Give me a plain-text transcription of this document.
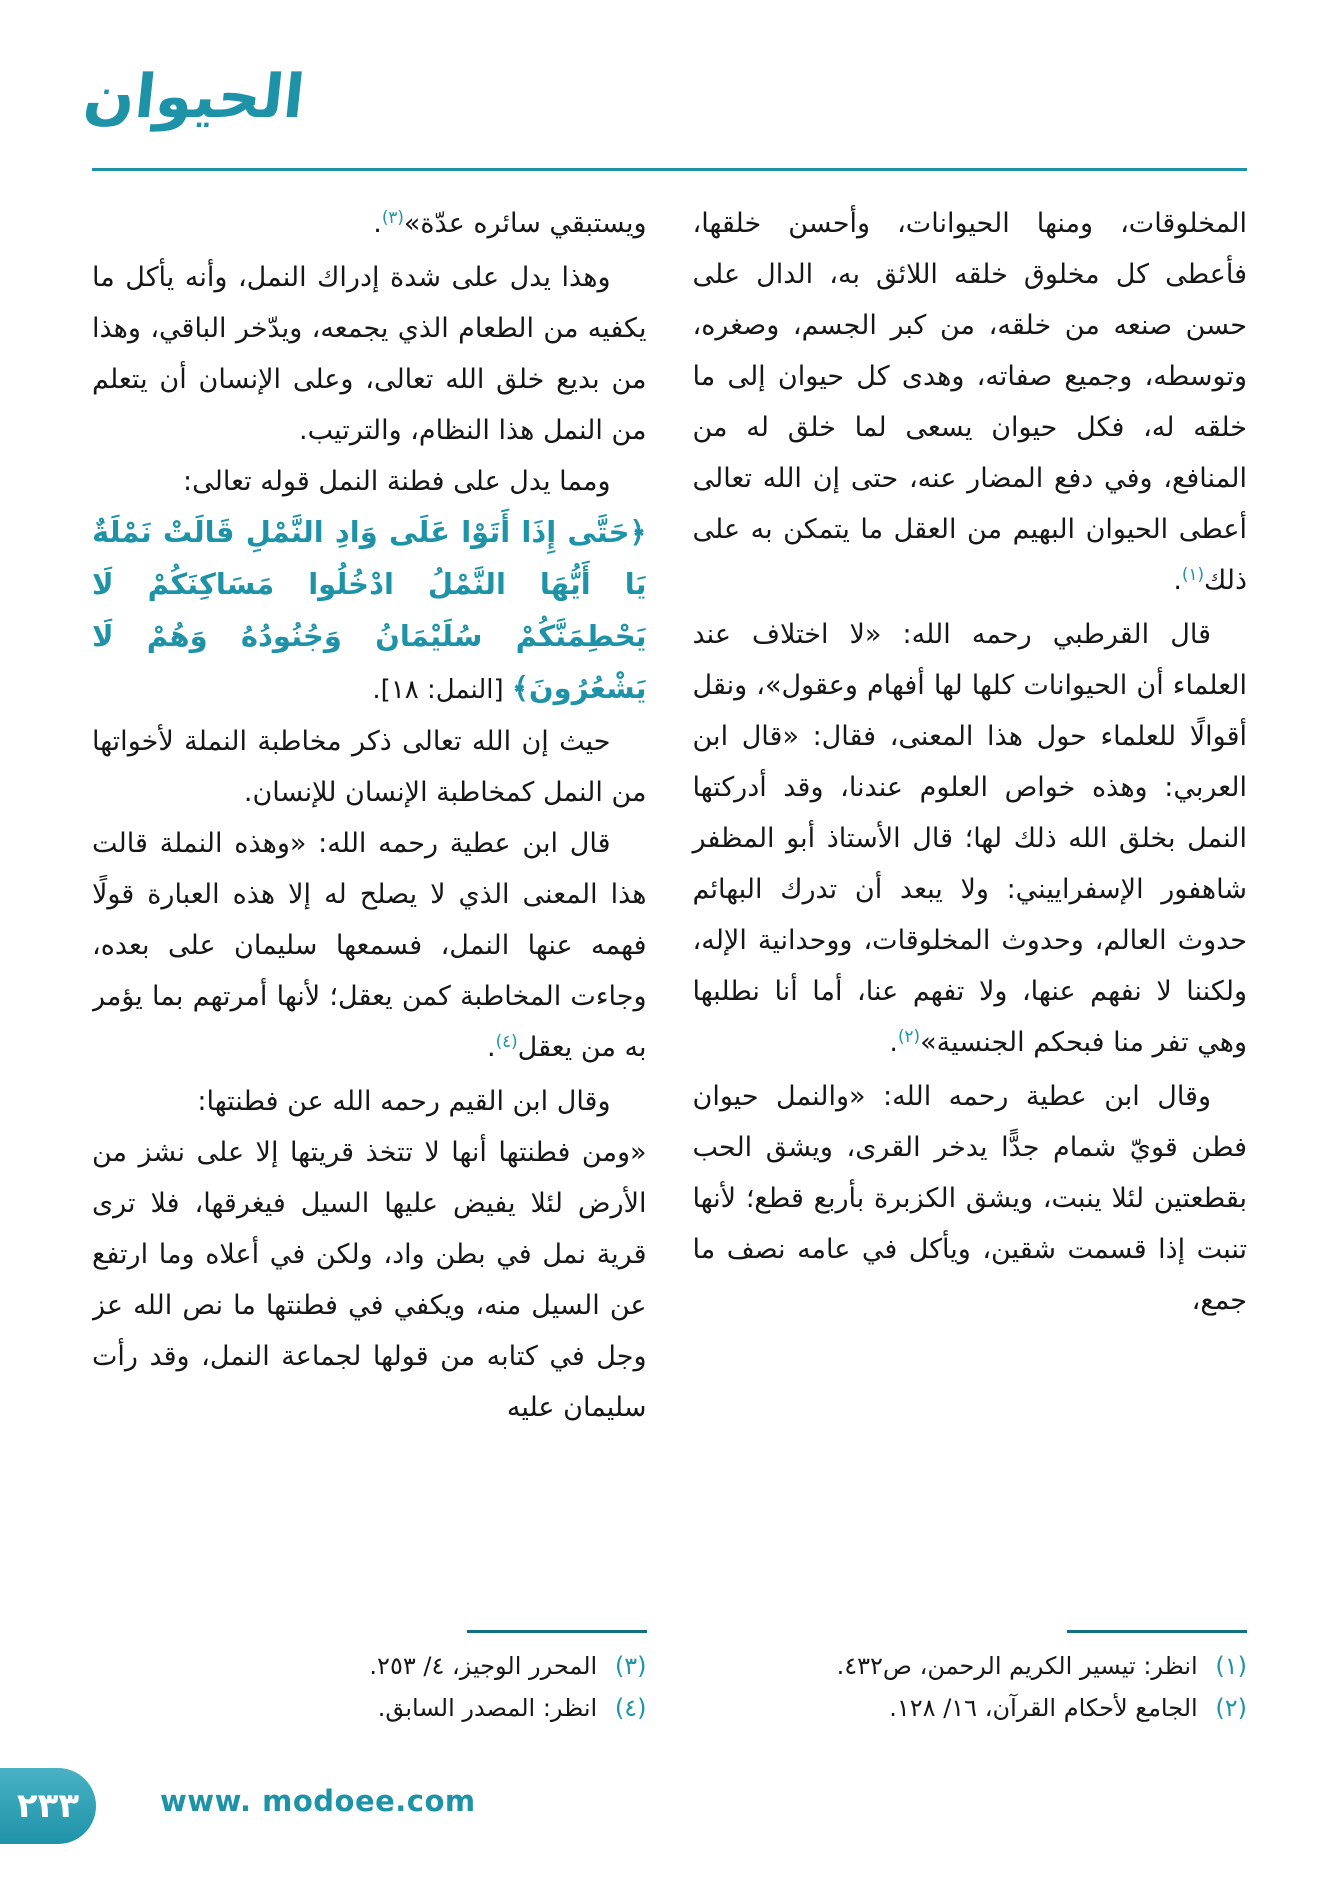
الحيوان

المخلوقات، ومنها الحيوانات، وأحسن خلقها، فأعطى كل مخلوق خلقه اللائق به، الدال على حسن صنعه من خلقه، من كبر الجسم، وصغره، وتوسطه، وجميع صفاته، وهدى كل حيوان إلى ما خلقه له، فكل حيوان يسعى لما خلق له من المنافع، وفي دفع المضار عنه، حتى إن الله تعالى أعطى الحيوان البهيم من العقل ما يتمكن به على ذلك$^{(١)}$.

قال القرطبي رحمه الله: «لا اختلاف عند العلماء أن الحيوانات كلها لها أفهام وعقول»، ونقل أقوالًا للعلماء حول هذا المعنى، فقال: «قال ابن العربي: وهذه خواص العلوم عندنا، وقد أدركتها النمل بخلق الله ذلك لها؛ قال الأستاذ أبو المظفر شاهفور الإسفراييني: ولا يبعد أن تدرك البهائم حدوث العالم، وحدوث المخلوقات، ووحدانية الإله، ولكننا لا نفهم عنها، ولا تفهم عنا، أما أنا نطلبها وهي تفر منا فبحكم الجنسية»$^{(٢)}$.

وقال ابن عطية رحمه الله: «والنمل حيوان فطن قويّ شمام جدًّا يدخر القرى، ويشق الحب بقطعتين لئلا ينبت، ويشق الكزبرة بأربع قطع؛ لأنها تنبت إذا قسمت شقين، ويأكل في عامه نصف ما جمع،

ويستبقي سائره عدّة»$^{(٣)}$.

وهذا يدل على شدة إدراك النمل، وأنه يأكل ما يكفيه من الطعام الذي يجمعه، ويدّخر الباقي، وهذا من بديع خلق الله تعالى، وعلى الإنسان أن يتعلم من النمل هذا النظام، والترتيب.

ومما يدل على فطنة النمل قوله تعالى:

﴿حَتَّى إِذَا أَتَوْا عَلَى وَادِ النَّمْلِ قَالَتْ نَمْلَةٌ يَا أَيُّهَا النَّمْلُ ادْخُلُوا مَسَاكِنَكُمْ لَا يَحْطِمَنَّكُمْ سُلَيْمَانُ وَجُنُودُهُ وَهُمْ لَا يَشْعُرُونَ﴾ [النمل: ١٨].

حيث إن الله تعالى ذكر مخاطبة النملة لأخواتها من النمل كمخاطبة الإنسان للإنسان.

قال ابن عطية رحمه الله: «وهذه النملة قالت هذا المعنى الذي لا يصلح له إلا هذه العبارة قولًا فهمه عنها النمل، فسمعها سليمان على بعده، وجاءت المخاطبة كمن يعقل؛ لأنها أمرتهم بما يؤمر به من يعقل$^{(٤)}$.

وقال ابن القيم رحمه الله عن فطنتها:

«ومن فطنتها أنها لا تتخذ قريتها إلا على نشز من الأرض لئلا يفيض عليها السيل فيغرقها، فلا ترى قرية نمل في بطن واد، ولكن في أعلاه وما ارتفع عن السيل منه، ويكفي في فطنتها ما نص الله عز وجل في كتابه من قولها لجماعة النمل، وقد رأت سليمان عليه

(١) انظر: تيسير الكريم الرحمن، ص٤٣٢.
(٢) الجامع لأحكام القرآن، ١٦/ ١٢٨.
(٣) المحرر الوجيز، ٤/ ٢٥٣.
(٤) انظر: المصدر السابق.
٢٣٣	www. modoee.com
